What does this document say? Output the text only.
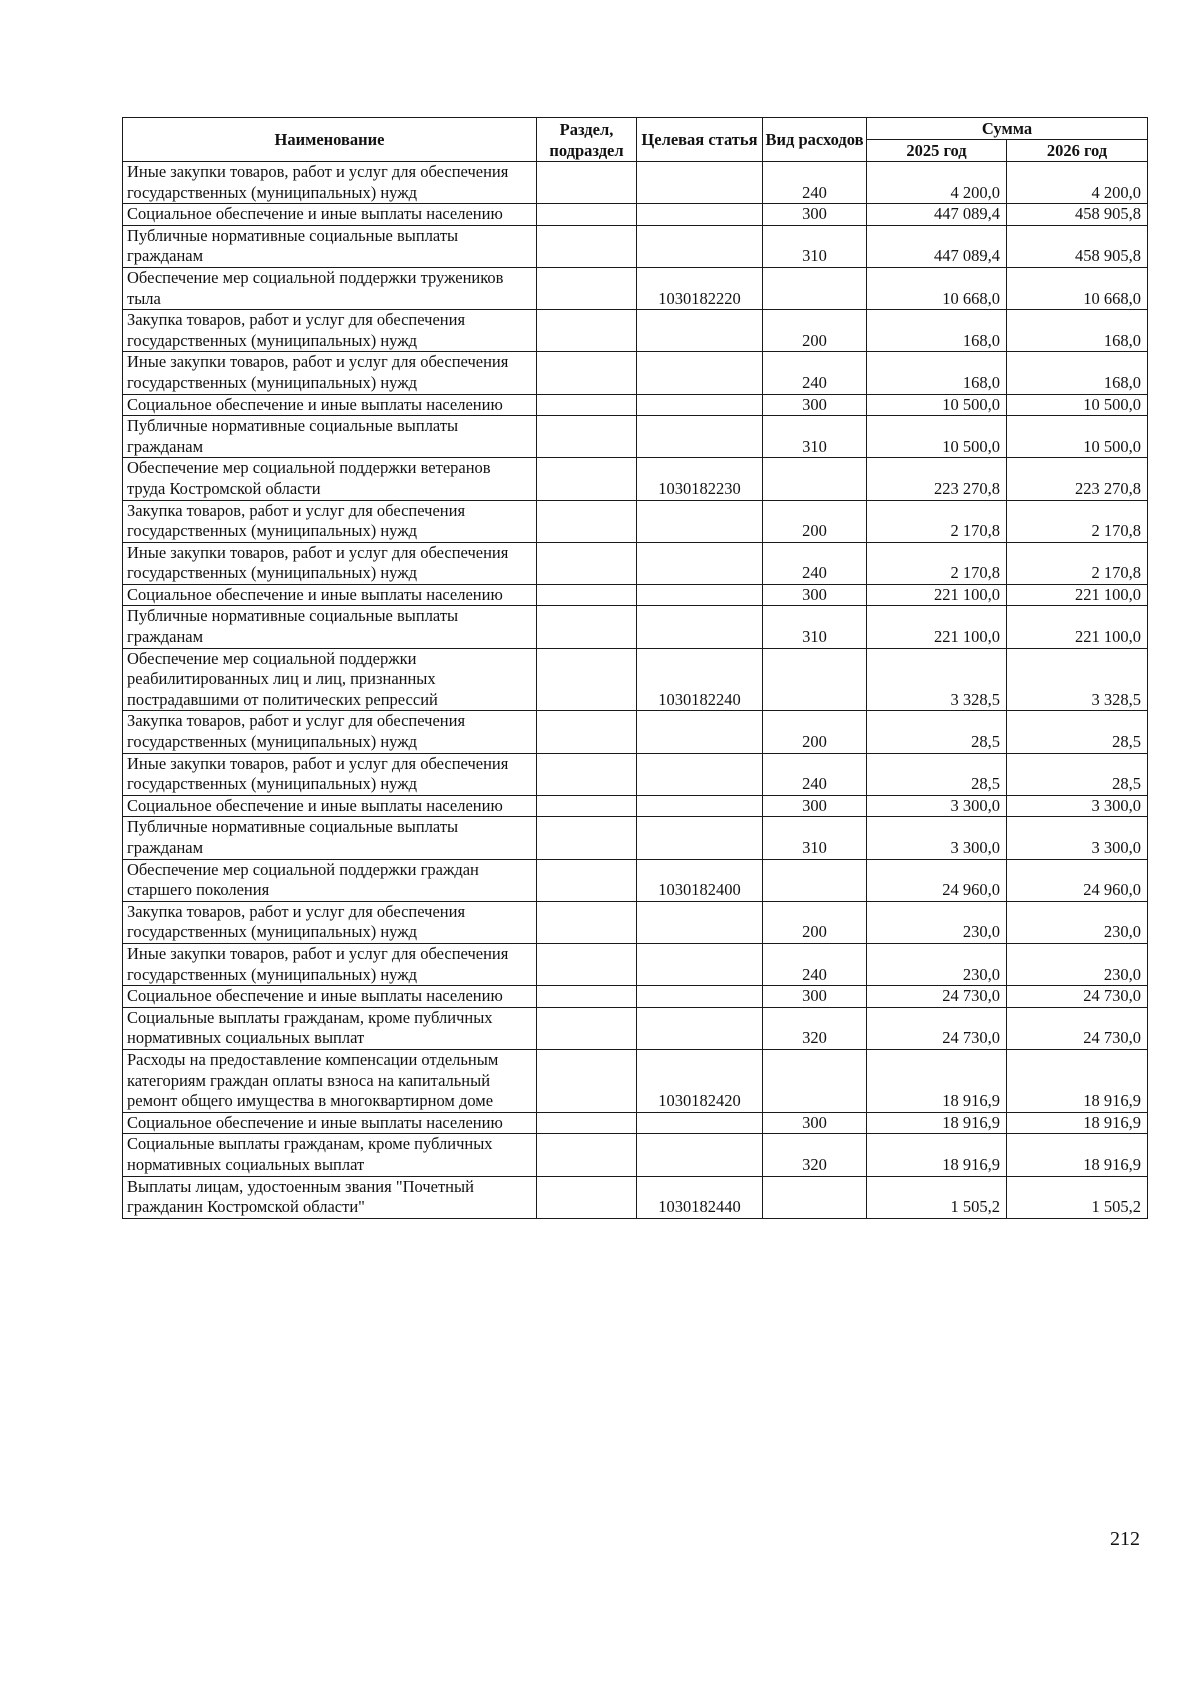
Наименование	Раздел, подраздел	Целевая статья	Вид расходов	Сумма	
				2025 год	2026 год
Иные закупки товаров, работ и услуг для обеспечения государственных (муниципальных) нужд			240	4 200,0	4 200,0
Социальное обеспечение и иные выплаты населению			300	447 089,4	458 905,8
Публичные нормативные социальные выплаты гражданам			310	447 089,4	458 905,8
Обеспечение мер социальной поддержки тружеников тыла		1030182220		10 668,0	10 668,0
Закупка товаров, работ и услуг для обеспечения государственных (муниципальных) нужд			200	168,0	168,0
Иные закупки товаров, работ и услуг для обеспечения государственных (муниципальных) нужд			240	168,0	168,0
Социальное обеспечение и иные выплаты населению			300	10 500,0	10 500,0
Публичные нормативные социальные выплаты гражданам			310	10 500,0	10 500,0
Обеспечение мер социальной поддержки ветеранов труда Костромской области		1030182230		223 270,8	223 270,8
Закупка товаров, работ и услуг для обеспечения государственных (муниципальных) нужд			200	2 170,8	2 170,8
Иные закупки товаров, работ и услуг для обеспечения государственных (муниципальных) нужд			240	2 170,8	2 170,8
Социальное обеспечение и иные выплаты населению			300	221 100,0	221 100,0
Публичные нормативные социальные выплаты гражданам			310	221 100,0	221 100,0
Обеспечение мер социальной поддержки реабилитированных лиц и лиц, признанных пострадавшими от политических репрессий		1030182240		3 328,5	3 328,5
Закупка товаров, работ и услуг для обеспечения государственных (муниципальных) нужд			200	28,5	28,5
Иные закупки товаров, работ и услуг для обеспечения государственных (муниципальных) нужд			240	28,5	28,5
Социальное обеспечение и иные выплаты населению			300	3 300,0	3 300,0
Публичные нормативные социальные выплаты гражданам			310	3 300,0	3 300,0
Обеспечение мер социальной поддержки граждан старшего поколения		1030182400		24 960,0	24 960,0
Закупка товаров, работ и услуг для обеспечения государственных (муниципальных) нужд			200	230,0	230,0
Иные закупки товаров, работ и услуг для обеспечения государственных (муниципальных) нужд			240	230,0	230,0
Социальное обеспечение и иные выплаты населению			300	24 730,0	24 730,0
Социальные выплаты гражданам, кроме публичных нормативных социальных выплат			320	24 730,0	24 730,0
Расходы на предоставление компенсации отдельным категориям граждан оплаты взноса на капитальный ремонт общего имущества в многоквартирном доме		1030182420		18 916,9	18 916,9
Социальное обеспечение и иные выплаты населению			300	18 916,9	18 916,9
Социальные выплаты гражданам, кроме публичных нормативных социальных выплат			320	18 916,9	18 916,9
Выплаты лицам, удостоенным звания "Почетный гражданин Костромской области"		1030182440		1 505,2	1 505,2
212
